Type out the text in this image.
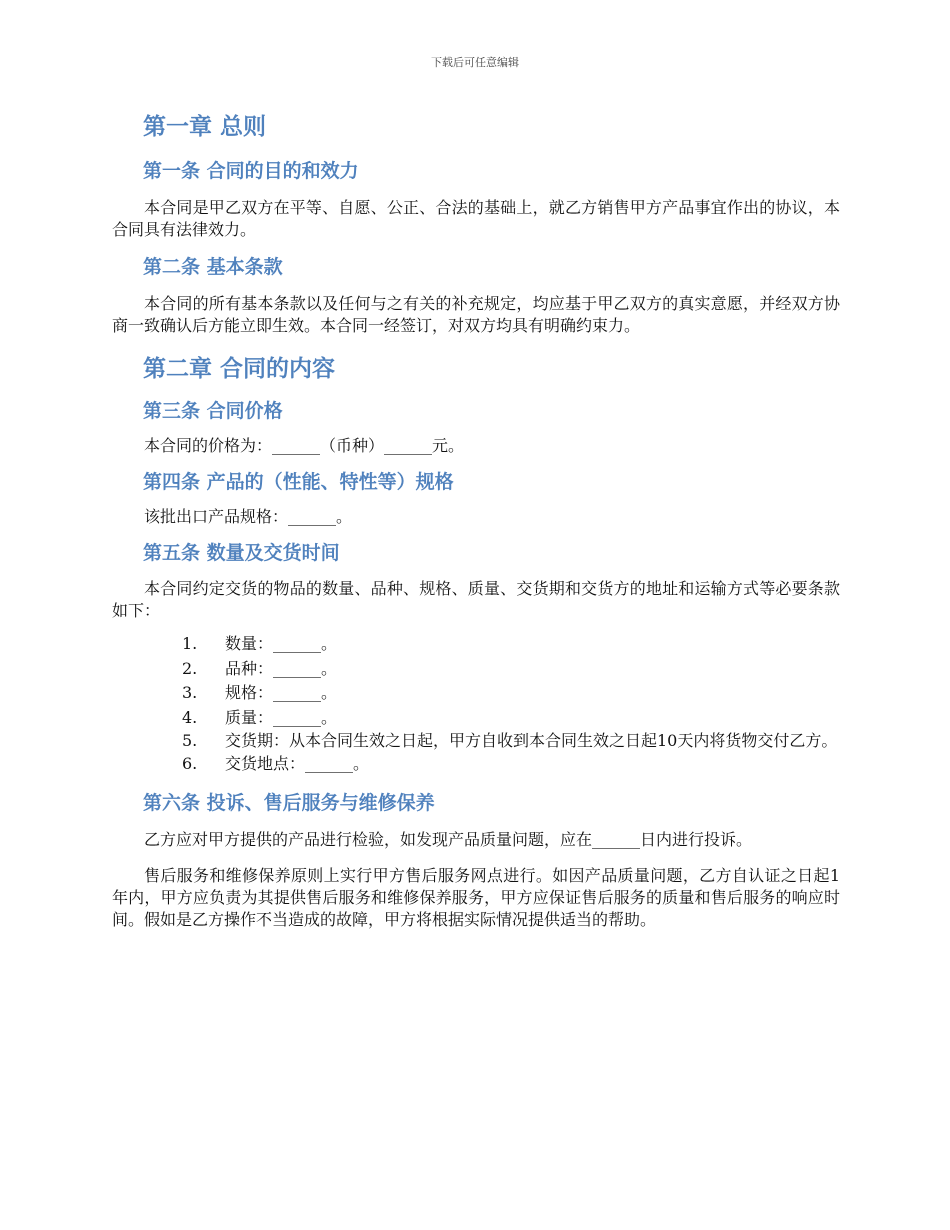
下载后可任意编辑
第一章 总则
第一条 合同的目的和效力

本合同是甲乙双方在平等、自愿、公正、合法的基础上，就乙方销售甲方产品事宜作出的协议，本合同具有法律效力。

第二条 基本条款

本合同的所有基本条款以及任何与之有关的补充规定，均应基于甲乙双方的真实意愿，并经双方协商一致确认后方能立即生效。本合同一经签订，对双方均具有明确约束力。

第二章 合同的内容
第三条 合同价格

本合同的价格为：______（币种）______元。

第四条 产品的（性能、特性等）规格

该批出口产品规格：______。

第五条 数量及交货时间

本合同约定交货的物品的数量、品种、规格、质量、交货期和交货方的地址和运输方式等必要条款如下：

1. 数量：______。
2. 品种：______。
3. 规格：______。
4. 质量：______。
5. 交货期：从本合同生效之日起，甲方自收到本合同生效之日起10天内将货物交付乙方。
6. 交货地点：______。
第六条 投诉、售后服务与维修保养

乙方应对甲方提供的产品进行检验，如发现产品质量问题，应在______日内进行投诉。

售后服务和维修保养原则上实行甲方售后服务网点进行。如因产品质量问题，乙方自认证之日起1年内，甲方应负责为其提供售后服务和维修保养服务，甲方应保证售后服务的质量和售后服务的响应时间。假如是乙方操作不当造成的故障，甲方将根据实际情况提供适当的帮助。
